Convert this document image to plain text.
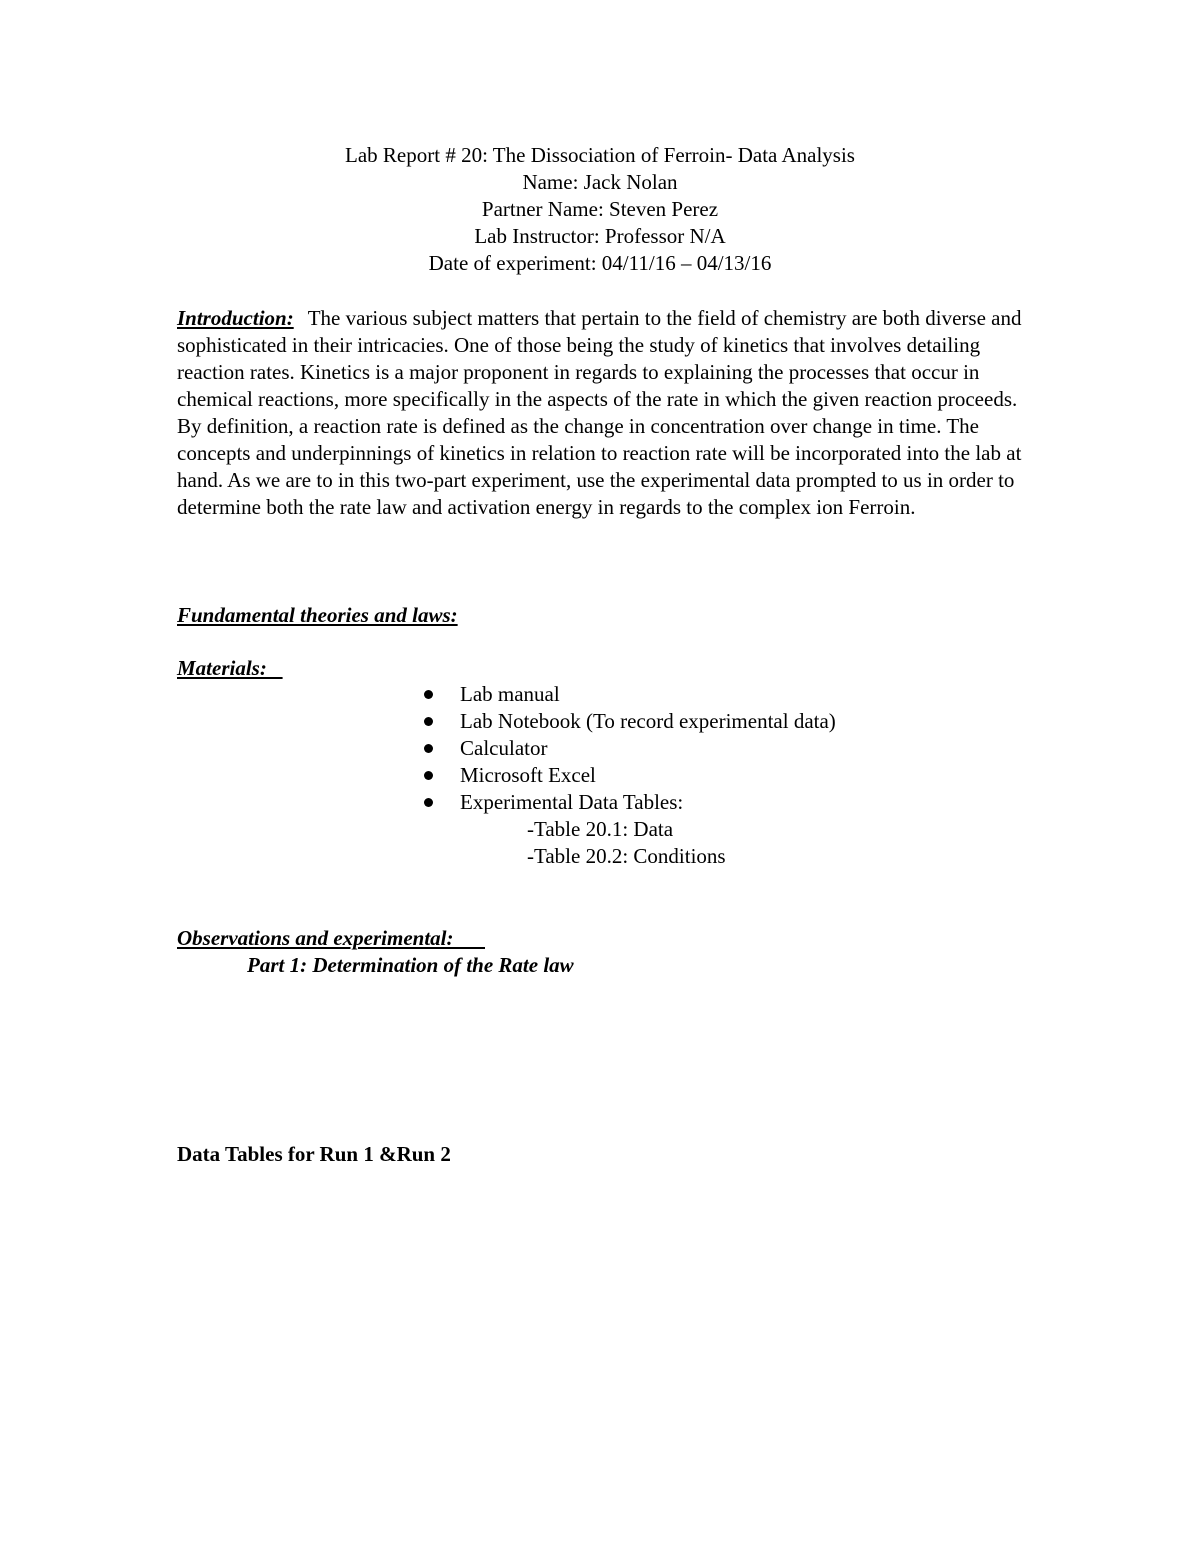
Lab Report # 20: The Dissociation of Ferroin- Data Analysis
Name: Jack Nolan
Partner Name: Steven Perez
Lab Instructor: Professor N/A
Date of experiment: 04/11/16 – 04/13/16
Introduction: The various subject matters that pertain to the field of chemistry are both diverse and sophisticated in their intricacies. One of those being the study of kinetics that involves detailing reaction rates. Kinetics is a major proponent in regards to explaining the processes that occur in chemical reactions, more specifically in the aspects of the rate in which the given reaction proceeds. By definition, a reaction rate is defined as the change in concentration over change in time. The concepts and underpinnings of kinetics in relation to reaction rate will be incorporated into the lab at hand. As we are to in this two-part experiment, use the experimental data prompted to us in order to determine both the rate law and activation energy in regards to the complex ion Ferroin.
Fundamental theories and laws:
Materials:
Lab manual
Lab Notebook (To record experimental data)
Calculator
Microsoft Excel
Experimental Data Tables:
-Table 20.1: Data
-Table 20.2: Conditions
Observations and experimental:
Part 1: Determination of the Rate law
Data Tables for Run 1 &Run 2
